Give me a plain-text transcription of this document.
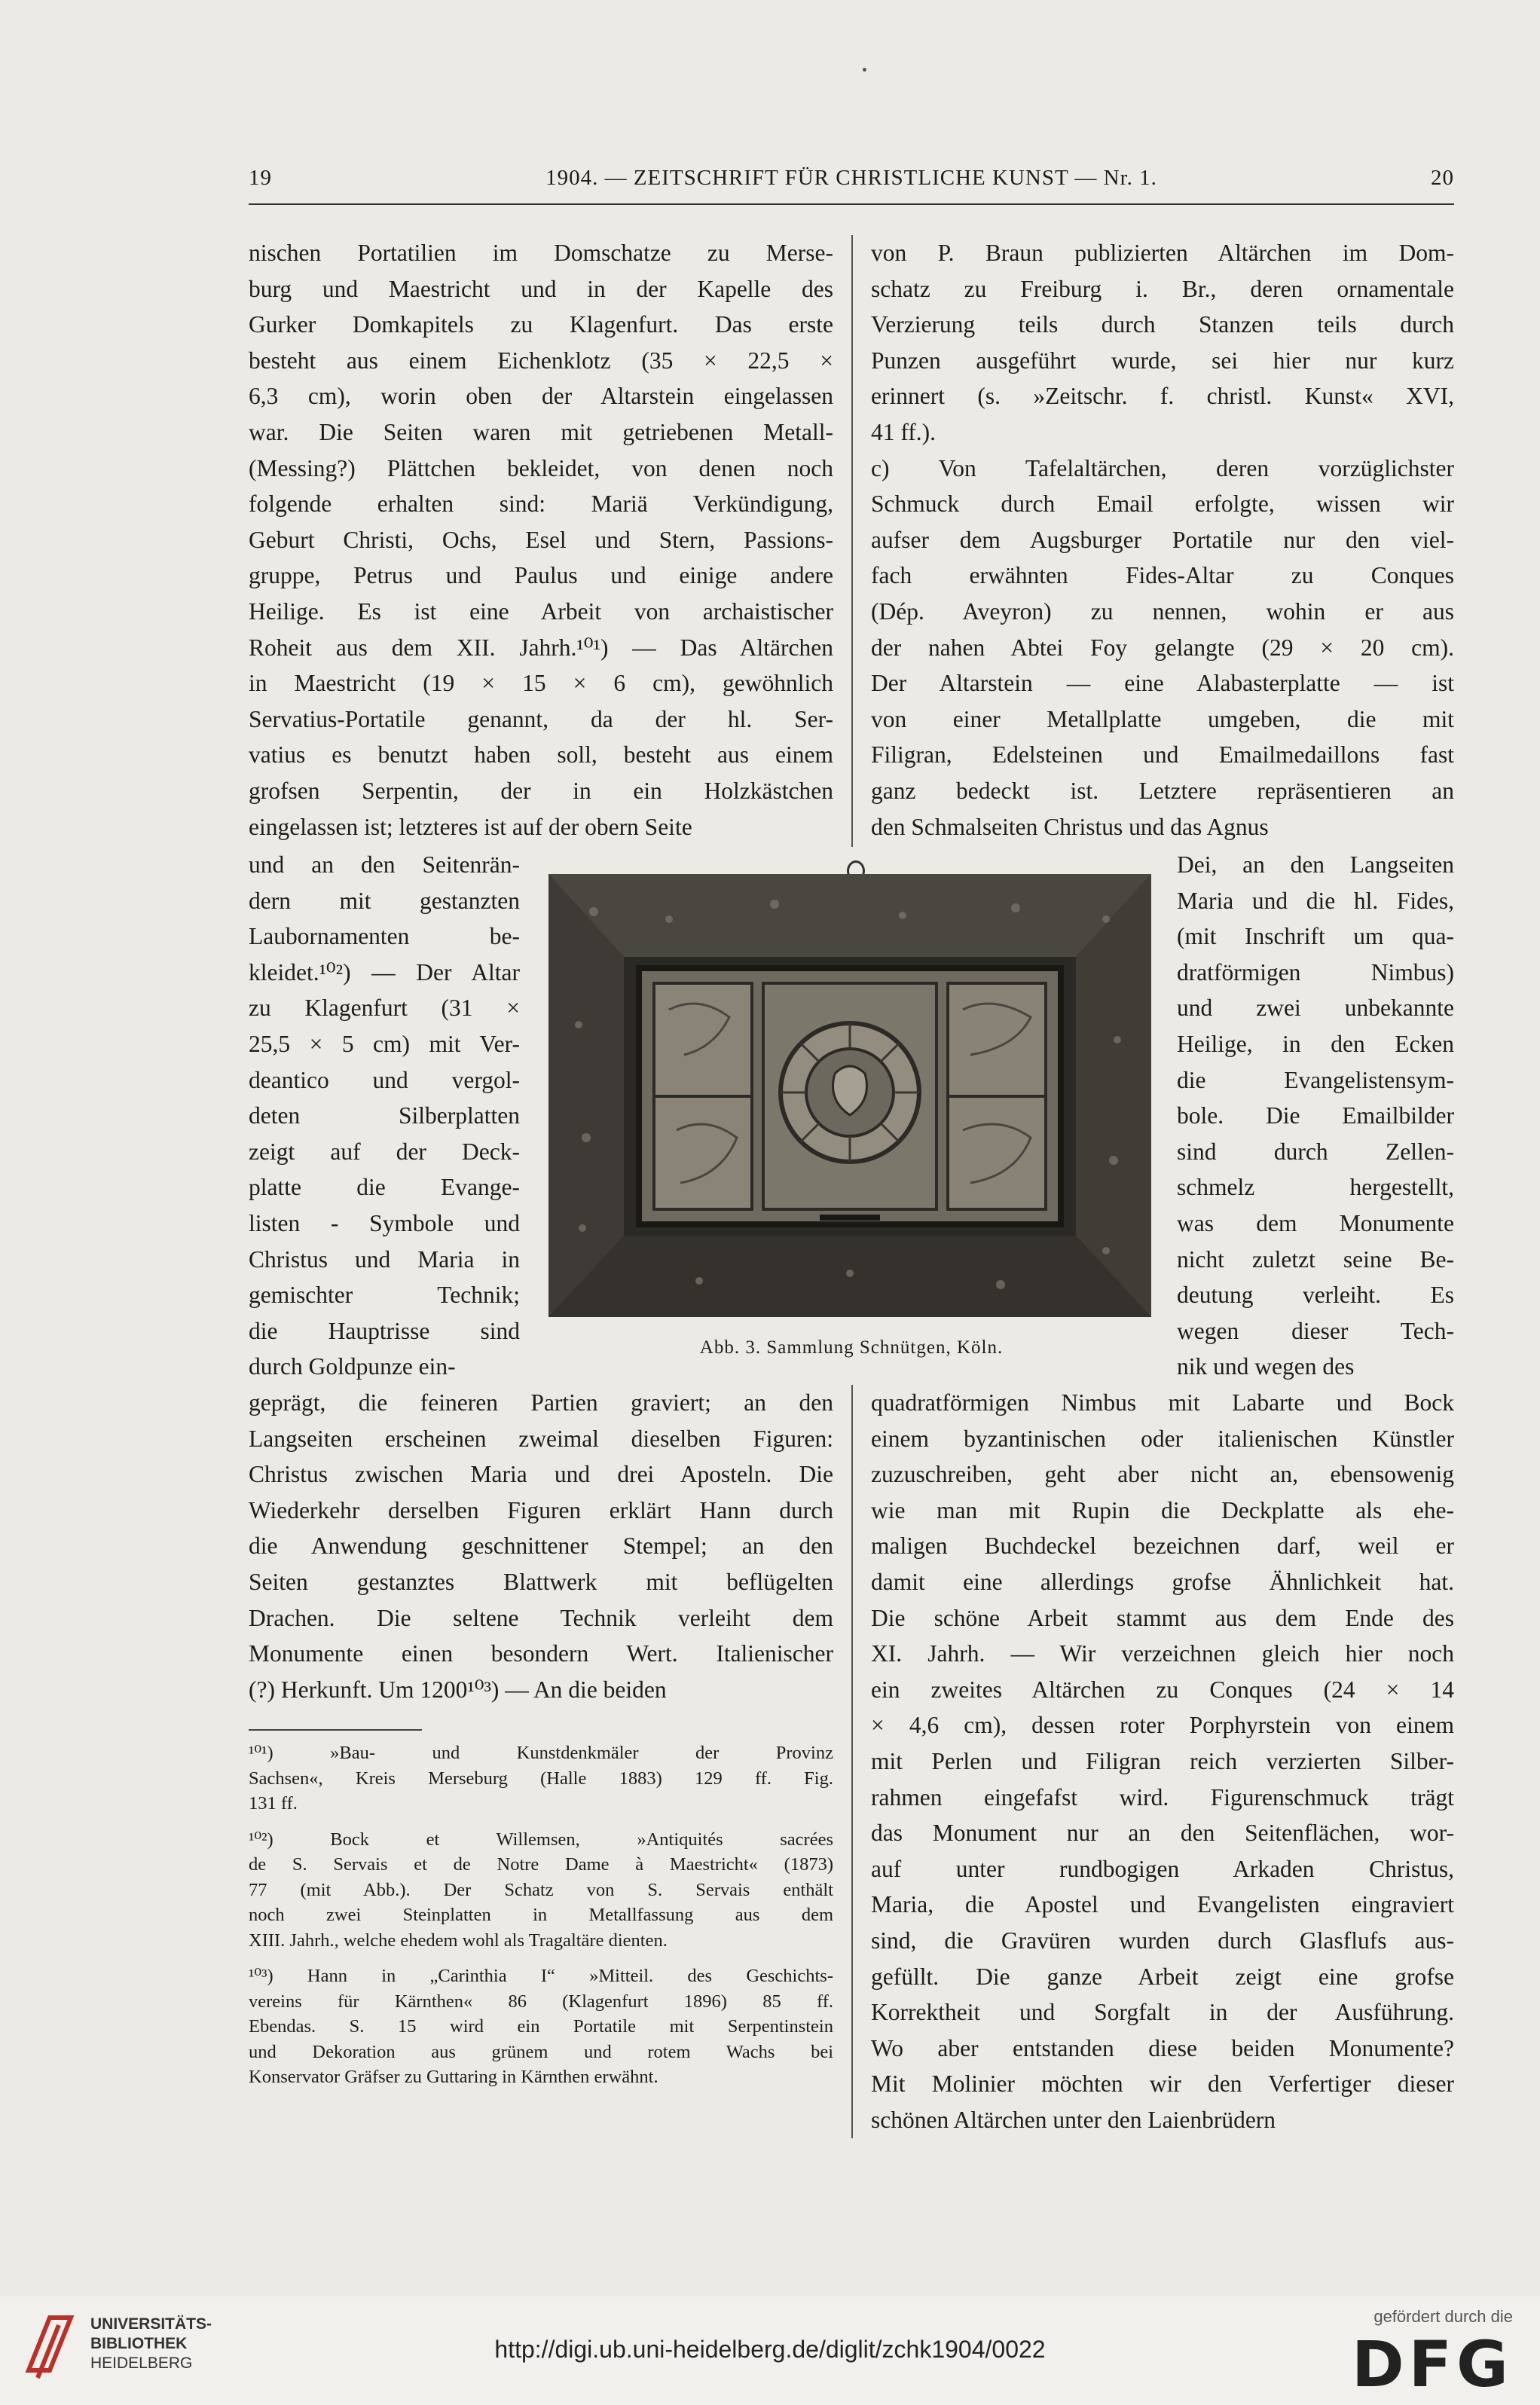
19	1904. — ZEITSCHRIFT FÜR CHRISTLICHE KUNST — Nr. 1.	20
nischen Portatilien im Domschatze zu Merse-
burg und Maestricht und in der Kapelle des
Gurker Domkapitels zu Klagenfurt. Das erste
besteht aus einem Eichenklotz (35 × 22,5 ×
6,3 cm), worin oben der Altarstein eingelassen
war. Die Seiten waren mit getriebenen Metall-
(Messing?) Plättchen bekleidet, von denen noch
folgende erhalten sind: Mariä Verkündigung,
Geburt Christi, Ochs, Esel und Stern, Passions-
gruppe, Petrus und Paulus und einige andere
Heilige. Es ist eine Arbeit von archaistischer
Roheit aus dem XII. Jahrh.¹⁰¹) — Das Altärchen
in Maestricht (19 × 15 × 6 cm), gewöhnlich
Servatius-Portatile genannt, da der hl. Ser-
vatius es benutzt haben soll, besteht aus einem
grofsen Serpentin, der in ein Holzkästchen
eingelassen ist; letzteres ist auf der obern Seite
von P. Braun publizierten Altärchen im Dom-
schatz zu Freiburg i. Br., deren ornamentale
Verzierung teils durch Stanzen teils durch
Punzen ausgeführt wurde, sei hier nur kurz
erinnert (s. »Zeitschr. f. christl. Kunst« XVI,
41 ff.).
c) Von Tafelaltärchen, deren vorzüglichster
Schmuck durch Email erfolgte, wissen wir
aufser dem Augsburger Portatile nur den viel-
fach erwähnten Fides-Altar zu Conques
(Dép. Aveyron) zu nennen, wohin er aus
der nahen Abtei Foy gelangte (29 × 20 cm).
Der Altarstein — eine Alabasterplatte — ist
von einer Metallplatte umgeben, die mit
Filigran, Edelsteinen und Emailmedaillons fast
ganz bedeckt ist. Letztere repräsentieren an
den Schmalseiten Christus und das Agnus
und an den Seitenrän-
dern mit gestanzten
Laubornamenten be-
kleidet.¹⁰²) — Der Altar
zu Klagenfurt (31 ×
25,5 × 5 cm) mit Ver-
deantico und vergol-
deten Silberplatten
zeigt auf der Deck-
platte die Evange-
listen - Symbole und
Christus und Maria in
gemischter Technik;
die Hauptrisse sind
durch Goldpunze ein-
Dei, an den Langseiten
Maria und die hl. Fides,
(mit Inschrift um qua-
dratförmigen Nimbus)
und zwei unbekannte
Heilige, in den Ecken
die Evangelistensym-
bole. Die Emailbilder
sind durch Zellen-
schmelz hergestellt,
was dem Monumente
nicht zuletzt seine Be-
deutung verleiht. Es
wegen dieser Tech-
nik und wegen des
geprägt, die feineren Partien graviert; an den
Langseiten erscheinen zweimal dieselben Figuren:
Christus zwischen Maria und drei Aposteln. Die
Wiederkehr derselben Figuren erklärt Hann durch
die Anwendung geschnittener Stempel; an den
Seiten gestanztes Blattwerk mit beflügelten
Drachen. Die seltene Technik verleiht dem
Monumente einen besondern Wert. Italienischer
(?) Herkunft. Um 1200¹⁰³) — An die beiden
quadratförmigen Nimbus mit Labarte und Bock
einem byzantinischen oder italienischen Künstler
zuzuschreiben, geht aber nicht an, ebensowenig
wie man mit Rupin die Deckplatte als ehe-
maligen Buchdeckel bezeichnen darf, weil er
damit eine allerdings grofse Ähnlichkeit hat.
Die schöne Arbeit stammt aus dem Ende des
XI. Jahrh. — Wir verzeichnen gleich hier noch
ein zweites Altärchen zu Conques (24 × 14
× 4,6 cm), dessen roter Porphyrstein von einem
mit Perlen und Filigran reich verzierten Silber-
rahmen eingefafst wird. Figurenschmuck trägt
das Monument nur an den Seitenflächen, wor-
auf unter rundbogigen Arkaden Christus,
Maria, die Apostel und Evangelisten eingraviert
sind, die Gravüren wurden durch Glasflufs aus-
gefüllt. Die ganze Arbeit zeigt eine grofse
Korrektheit und Sorgfalt in der Ausführung.
Wo aber entstanden diese beiden Monumente?
Mit Molinier möchten wir den Verfertiger dieser
schönen Altärchen unter den Laienbrüdern
Abb. 3. Sammlung Schnütgen, Köln.
¹⁰¹) »Bau- und Kunstdenkmäler der Provinz
Sachsen«, Kreis Merseburg (Halle 1883) 129 ff. Fig.
131 ff.
¹⁰²) Bock et Willemsen, »Antiquités sacrées
de S. Servais et de Notre Dame à Maestricht« (1873)
77 (mit Abb.). Der Schatz von S. Servais enthält
noch zwei Steinplatten in Metallfassung aus dem
XIII. Jahrh., welche ehedem wohl als Tragaltäre dienten.
¹⁰³) Hann in „Carinthia I“ »Mitteil. des Geschichts-
vereins für Kärnthen« 86 (Klagenfurt 1896) 85 ff.
Ebendas. S. 15 wird ein Portatile mit Serpentinstein
und Dekoration aus grünem und rotem Wachs bei
Konservator Gräfser zu Guttaring in Kärnthen erwähnt.
UNIVERSITÄTS-
BIBLIOTHEK
HEIDELBERG
http://digi.ub.uni-heidelberg.de/diglit/zchk1904/0022
gefördert durch die
DFG
